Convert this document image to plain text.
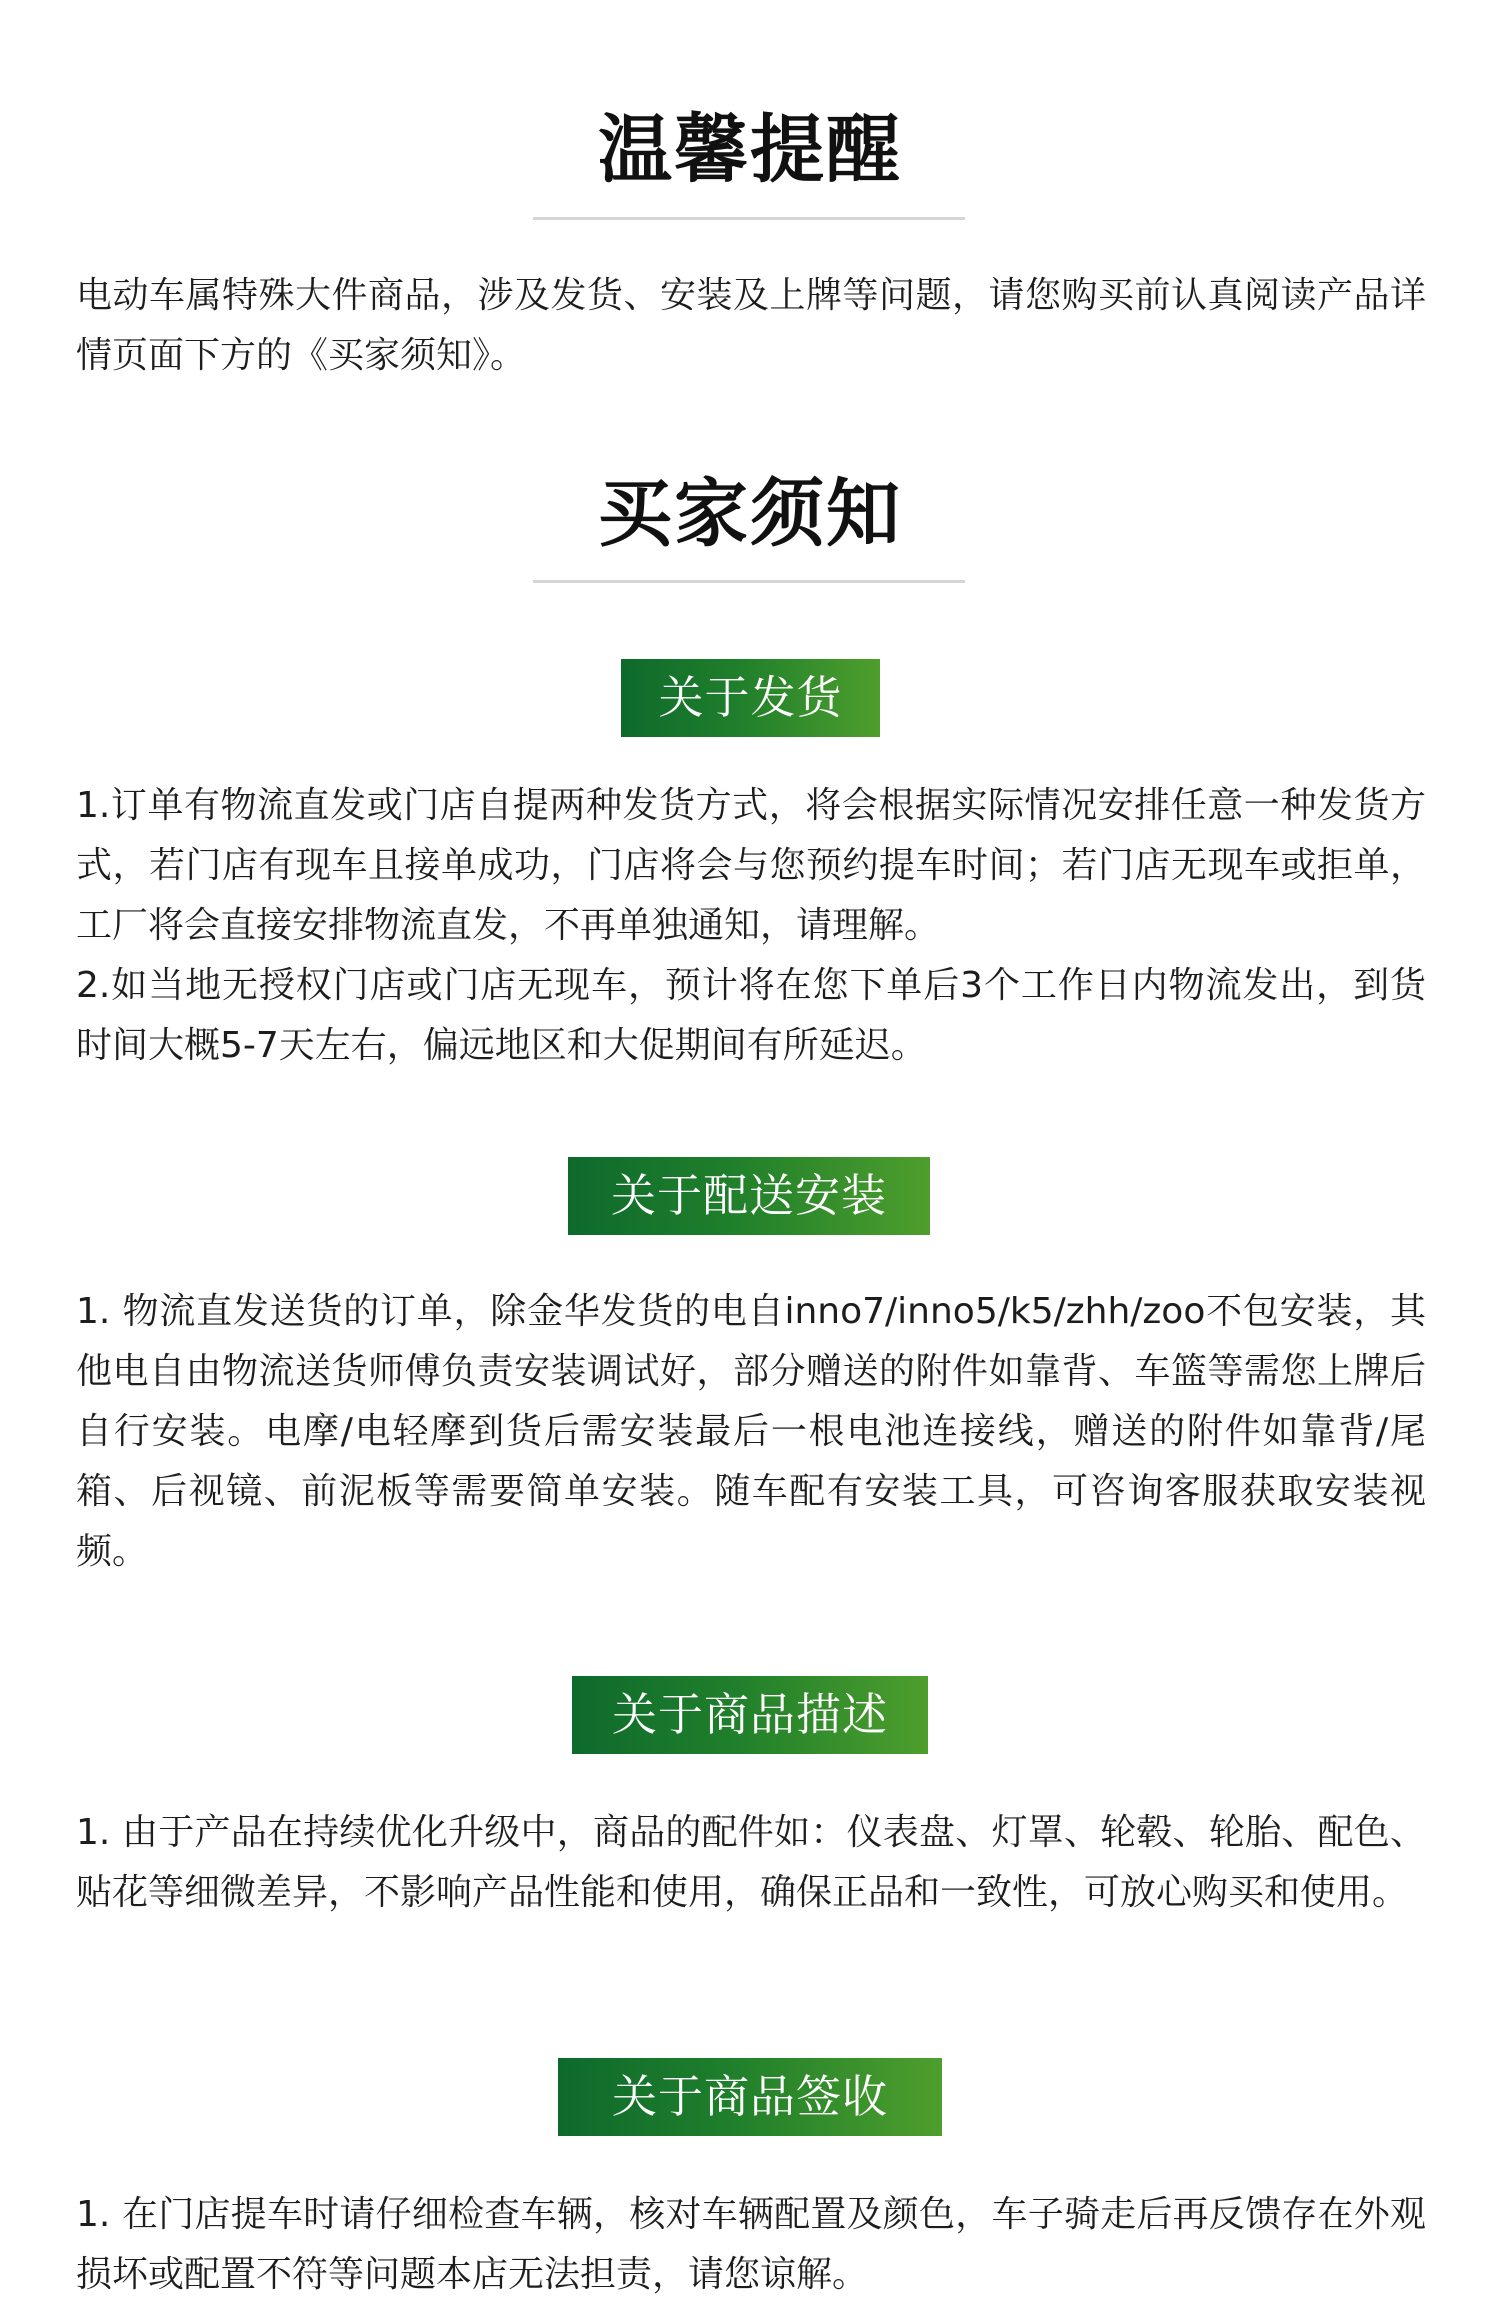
温馨提醒

电动车属特殊大件商品，涉及发货、安装及上牌等问题，请您购买前认真阅读产品详情页面下方的《买家须知》。

买家须知
关于发货
1.订单有物流直发或门店自提两种发货方式，将会根据实际情况安排任意一种发货方式，若门店有现车且接单成功，门店将会与您预约提车时间；若门店无现车或拒单，工厂将会直接安排物流直发，不再单独通知，请理解。
2.如当地无授权门店或门店无现车，预计将在您下单后3个工作日内物流发出，到货时间大概5-7天左右，偏远地区和大促期间有所延迟。
关于配送安装
1. 物流直发送货的订单，除金华发货的电自inno7/inno5/k5/zhh/zoo不包安装，其他电自由物流送货师傅负责安装调试好，部分赠送的附件如靠背、车篮等需您上牌后自行安装。电摩/电轻摩到货后需安装最后一根电池连接线，赠送的附件如靠背/尾箱、后视镜、前泥板等需要简单安装。随车配有安装工具，可咨询客服获取安装视频。
关于商品描述
1. 由于产品在持续优化升级中，商品的配件如：仪表盘、灯罩、轮毂、轮胎、配色、贴花等细微差异，不影响产品性能和使用，确保正品和一致性，可放心购买和使用。
关于商品签收
1. 在门店提车时请仔细检查车辆，核对车辆配置及颜色，车子骑走后再反馈存在外观损坏或配置不符等问题本店无法担责，请您谅解。
